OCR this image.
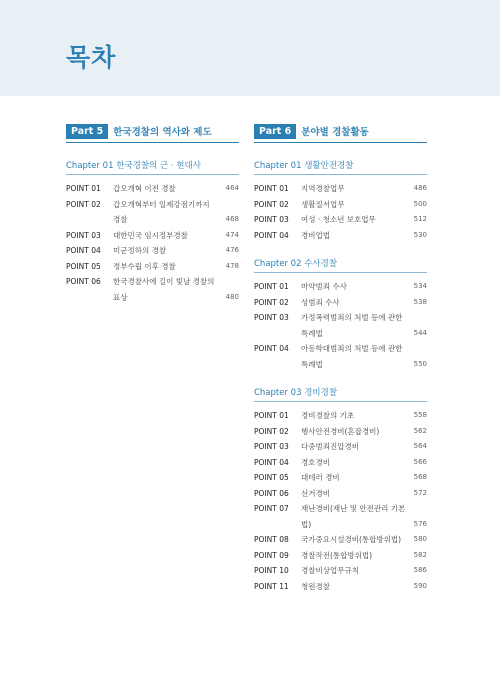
목차
Part 5	한국경찰의 역사와 제도
Chapter 01 한국경찰의 근 · 현대사
POINT 01	갑오개혁 이전 경찰	464
POINT 02	갑오개혁부터 일제강점기까지 경찰	468
POINT 03	대한민국 임시정부경찰	474
POINT 04	미군정하의 경찰	476
POINT 05	정부수립 이후 경찰	478
POINT 06	한국경찰사에 길이 빛날 경찰의 표상	480
Part 6	분야별 경찰활동
Chapter 01 생활안전경찰
POINT 01	지역경찰업무	486
POINT 02	생활질서업무	500
POINT 03	여성 · 청소년 보호업무	512
POINT 04	경비업법	530
Chapter 02 수사경찰
POINT 01	마약범죄 수사	534
POINT 02	성범죄 수사	538
POINT 03	가정폭력범죄의 처벌 등에 관한 특례법	544
POINT 04	아동학대범죄의 처벌 등에 관한 특례법	550
Chapter 03 경비경찰
POINT 01	경비경찰의 기초	558
POINT 02	행사안전경비(혼잡경비)	562
POINT 03	다중범죄진압경비	564
POINT 04	경호경비	566
POINT 05	대테러 경비	568
POINT 06	선거경비	572
POINT 07	재난경비(재난 및 안전관리 기본법)	576
POINT 08	국가중요시설경비(통합방위법)	580
POINT 09	경찰작전(통합방위법)	582
POINT 10	경찰비상업무규칙	586
POINT 11	청원경찰	590
